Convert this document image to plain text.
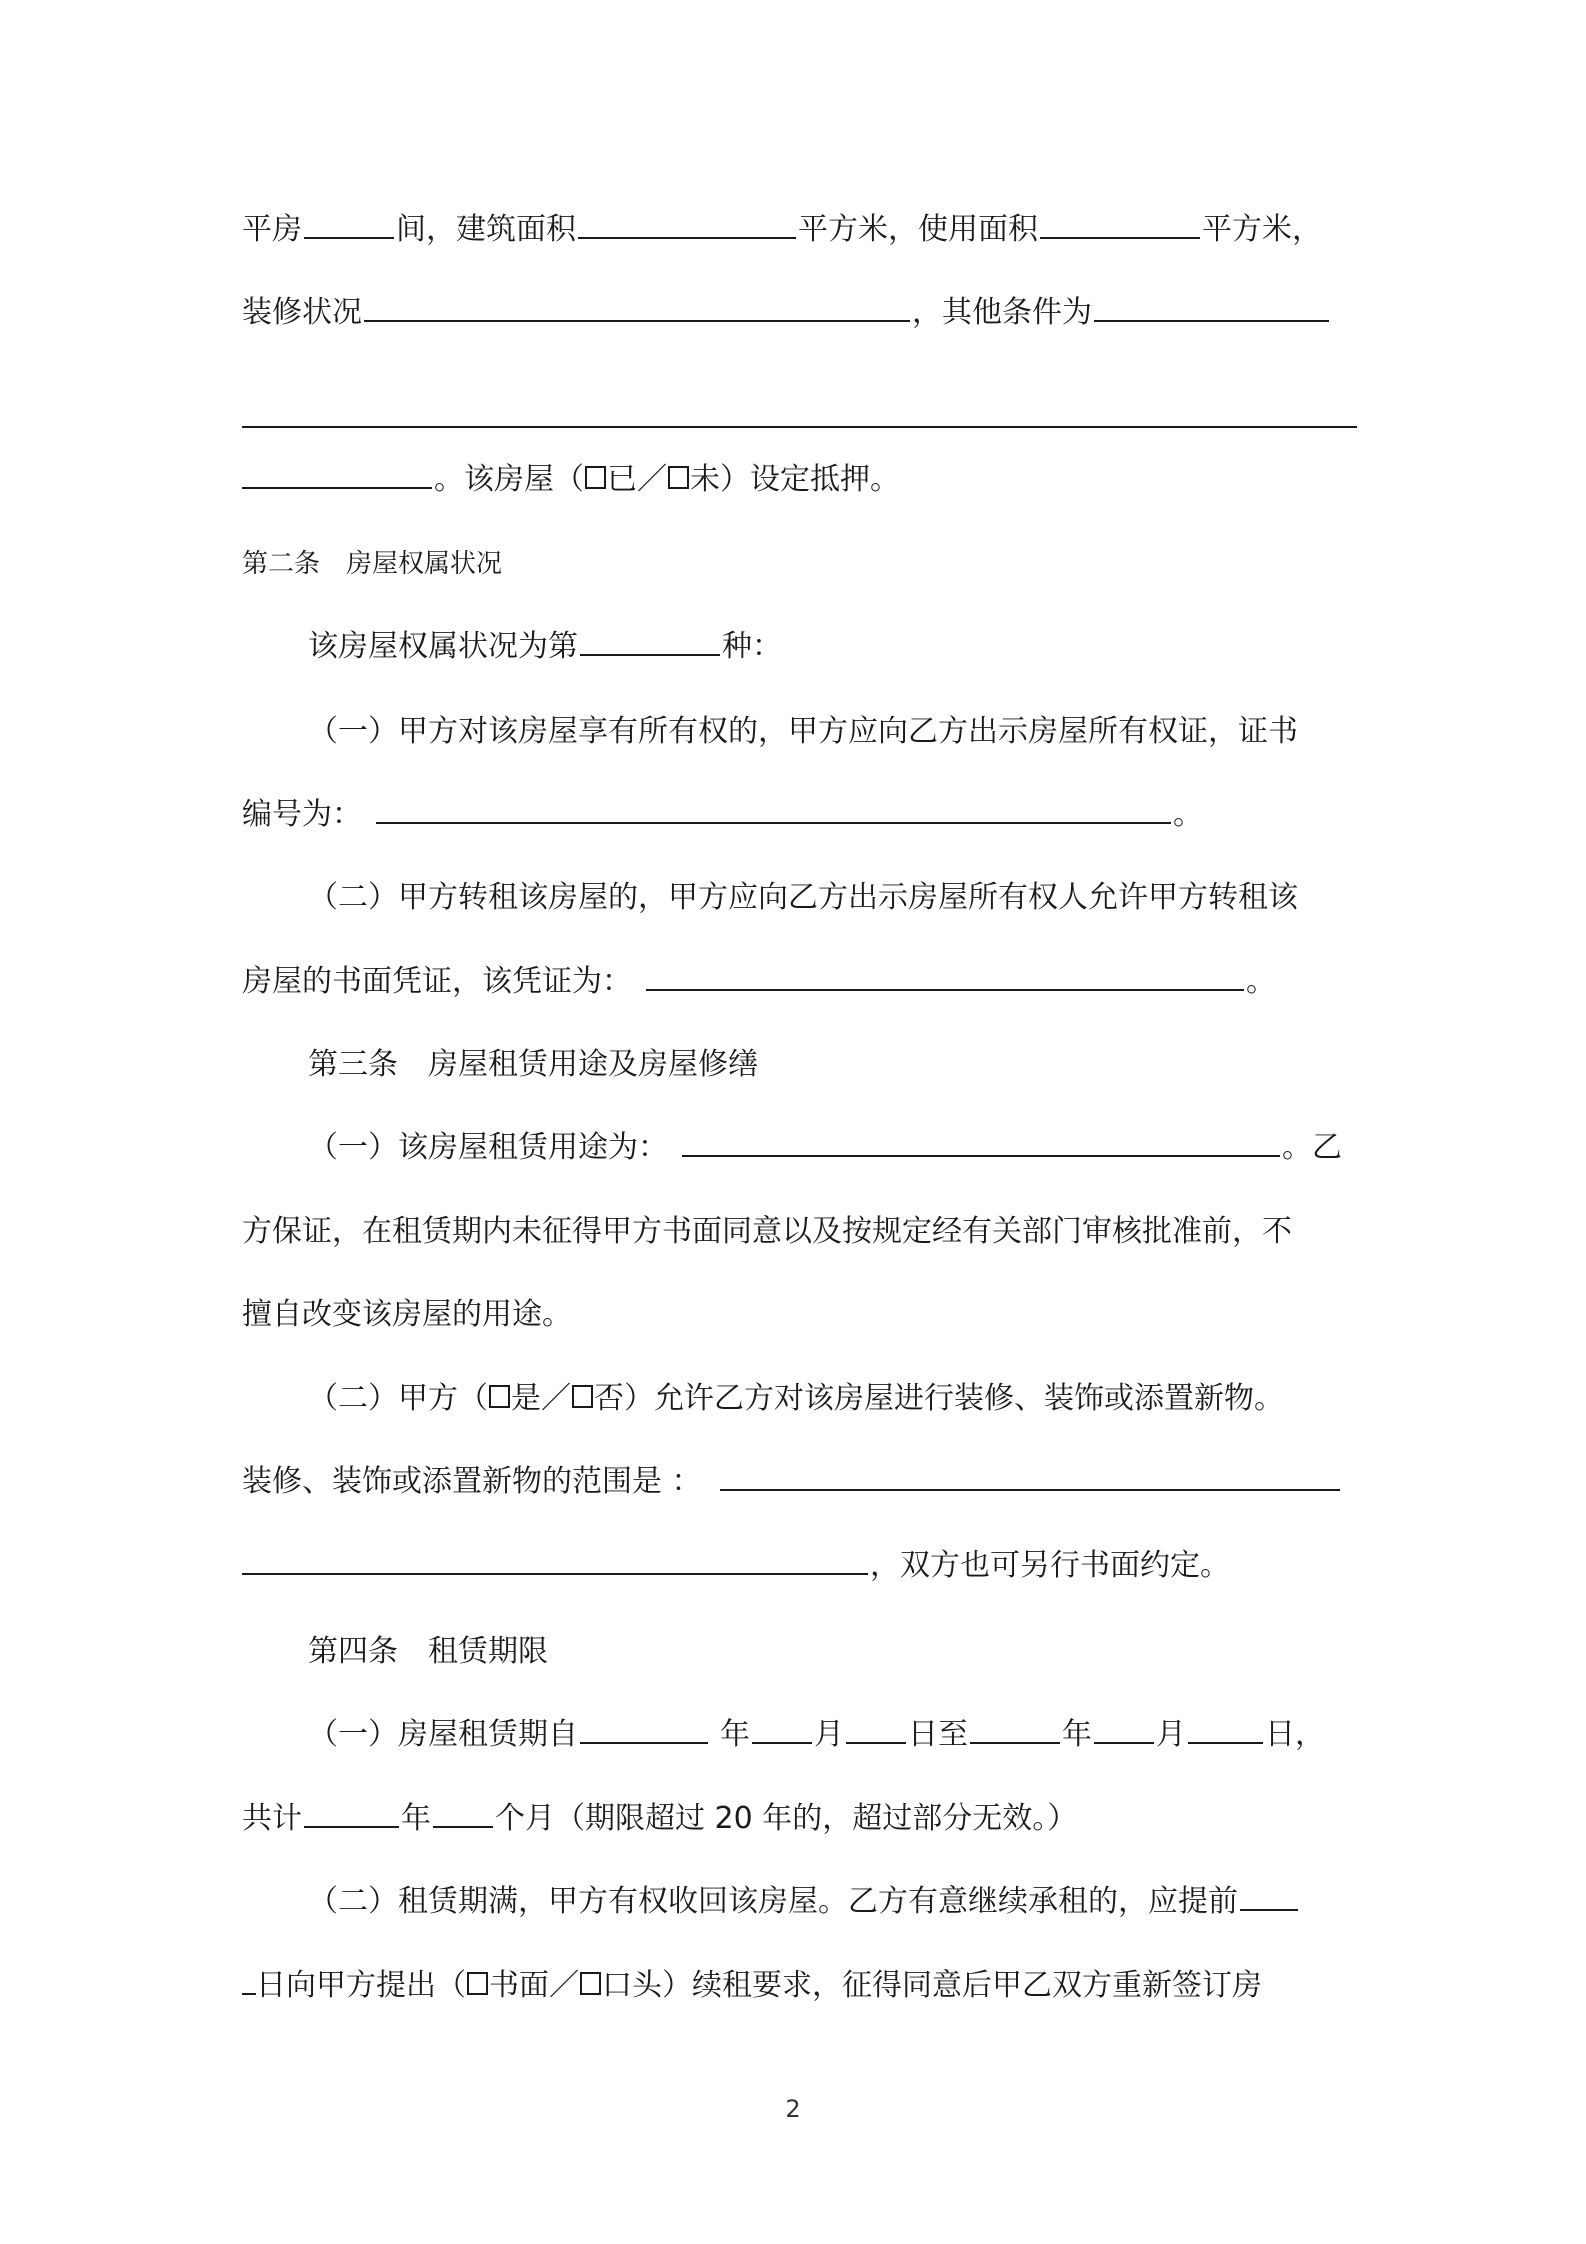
平房	间，建筑面积	平方米，使用面积	平方米，
装修状况	，其他条件为
。该房屋（ 已／ 未）设定抵押。
第二条 房屋权属状况
该房屋权属状况为第	种：
（一）甲方对该房屋享有所有权的，甲方应向乙方出示房屋所有权证，证书
编号为：	。
（二）甲方转租该房屋的，甲方应向乙方出示房屋所有权人允许甲方转租该
房屋的书面凭证，该凭证为：	。
第三条 房屋租赁用途及房屋修缮
（一）该房屋租赁用途为：	。乙
方保证，在租赁期内未征得甲方书面同意以及按规定经有关部门审核批准前，不
擅自改变该房屋的用途。
（二）甲方（ 是／ 否）允许乙方对该房屋进行装修、装饰或添置新物。
装修、装饰或添置新物的范围是 ：
，双方也可另行书面约定。
第四条 租赁期限
（一）房屋租赁期自	年 月 日至	年 月	日，
共计	年 个月（期限超过 20 年的，超过部分无效。）
（二）租赁期满，甲方有权收回该房屋。乙方有意继续承租的，应提前
日向甲方提出（ 书面／ 口头）续租要求，征得同意后甲乙双方重新签订房
2
